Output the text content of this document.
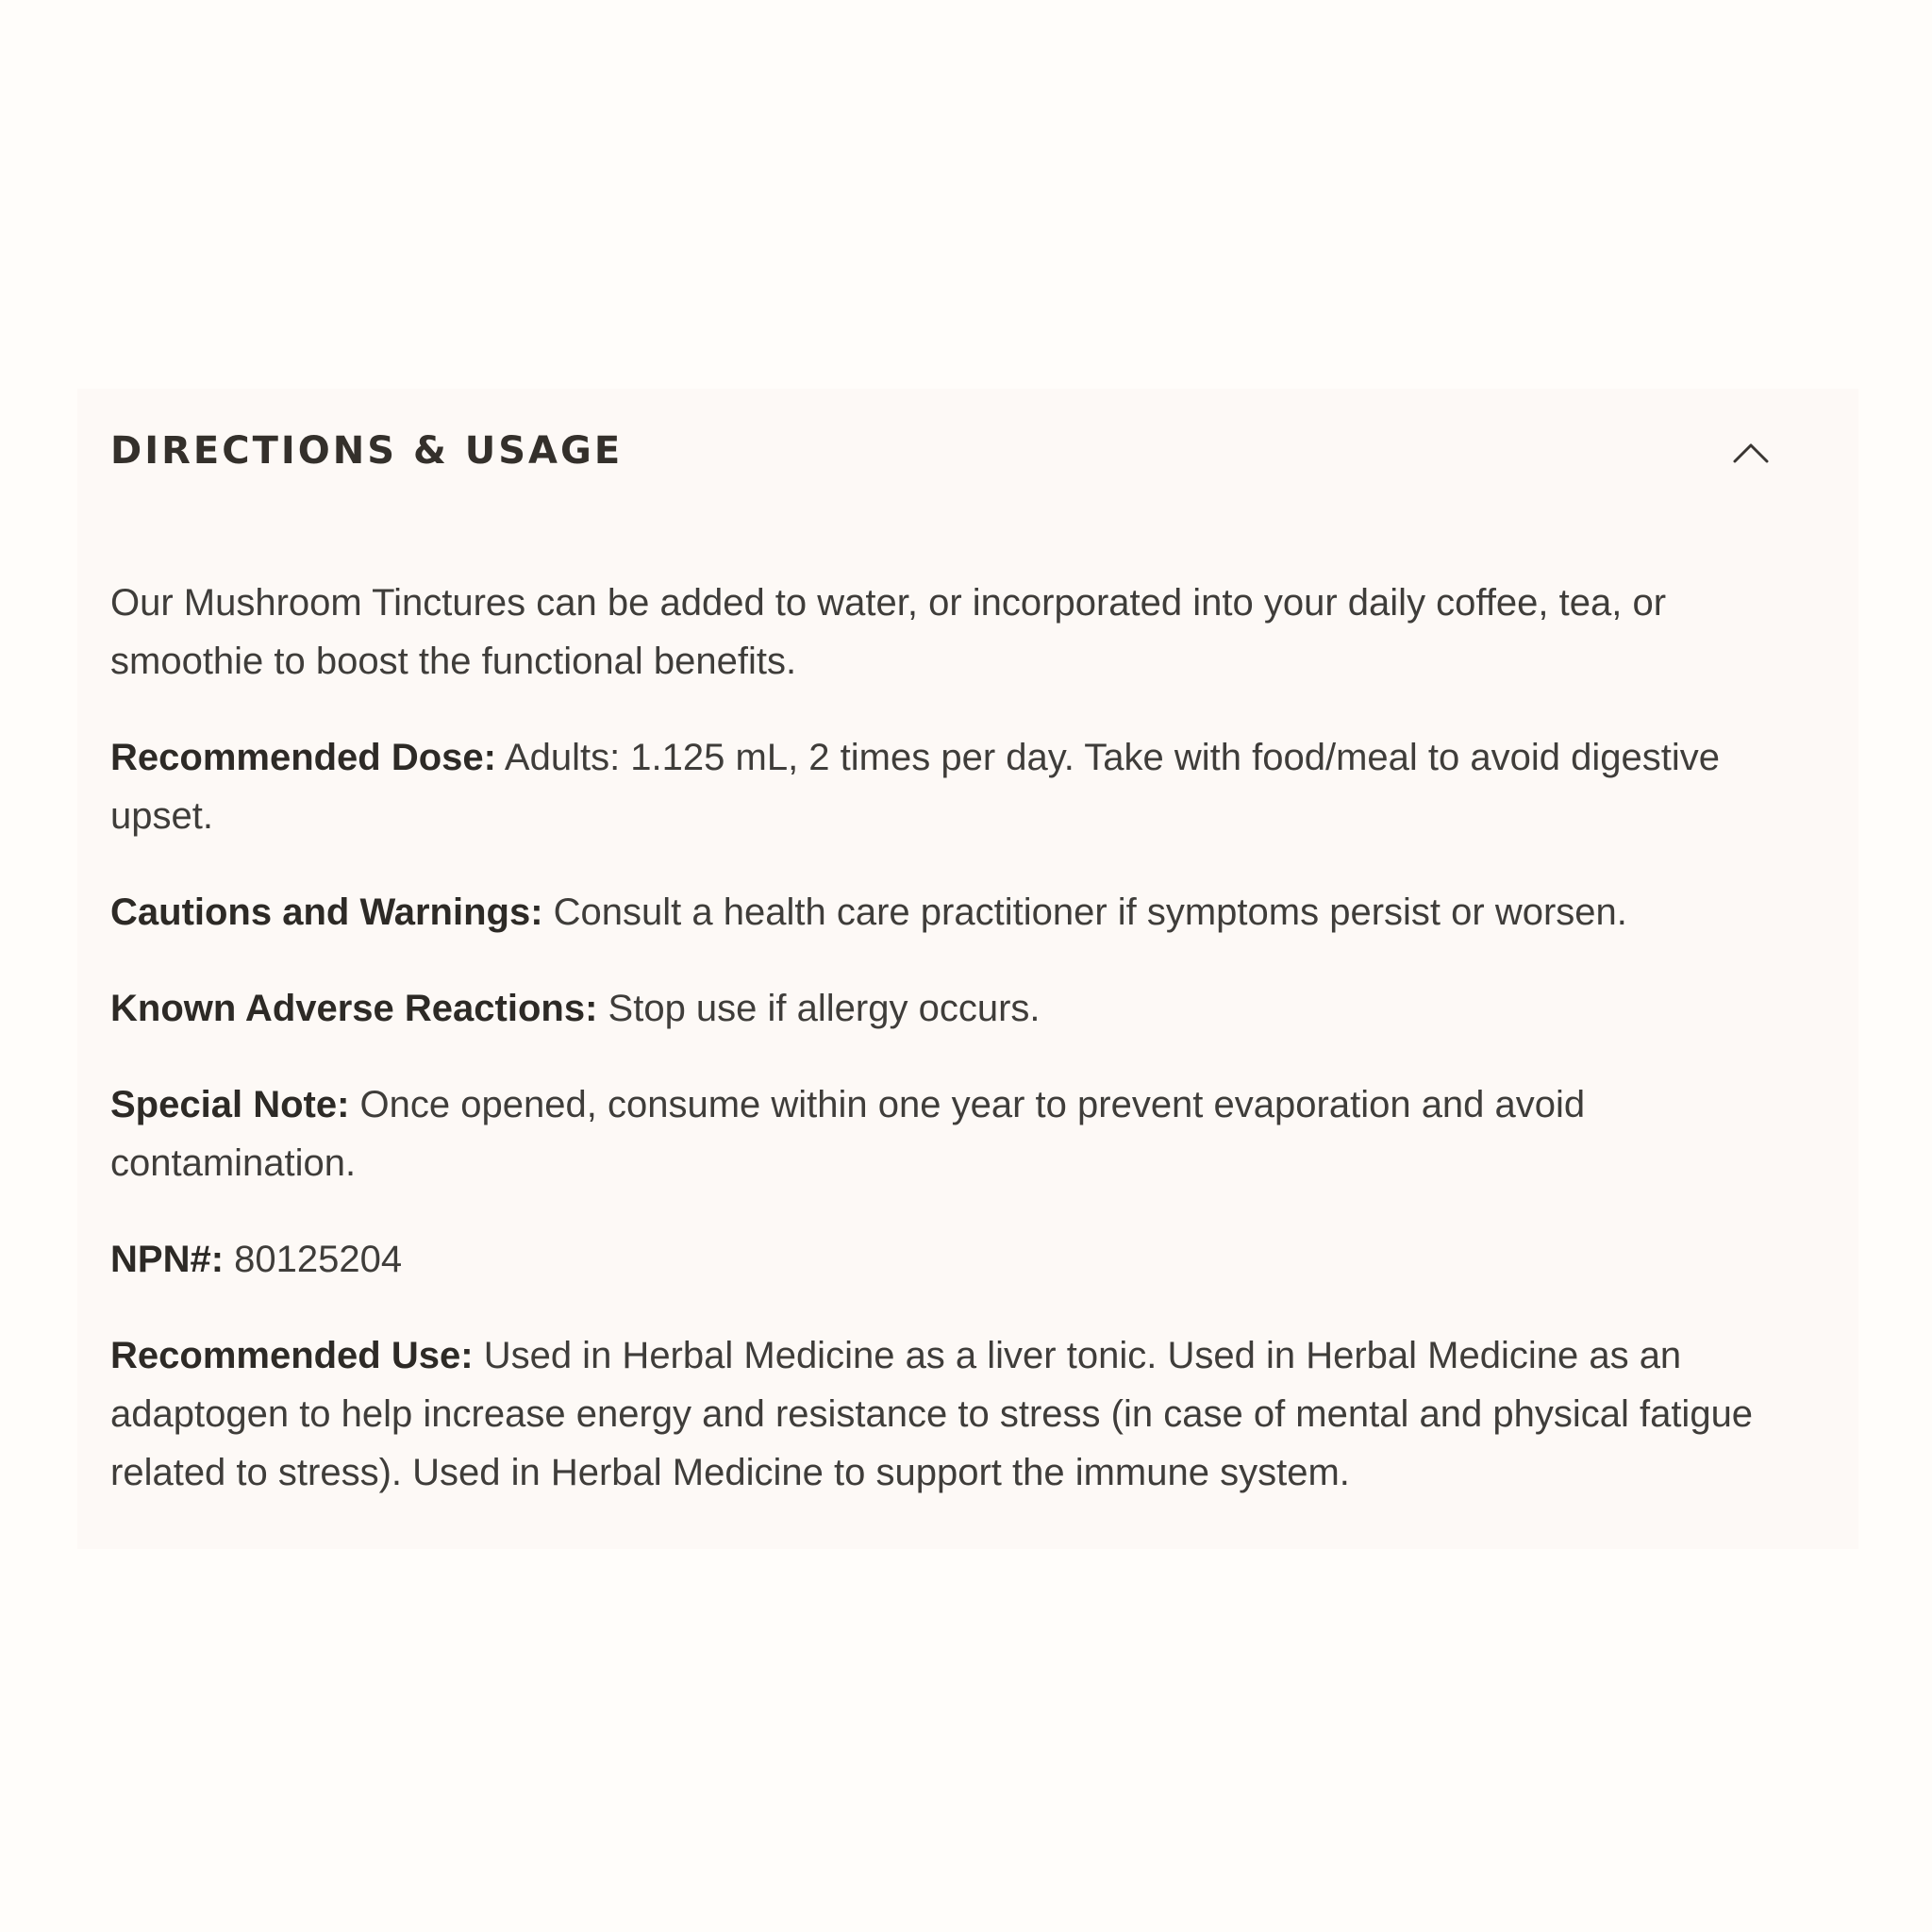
DIRECTIONS & USAGE

Our Mushroom Tinctures can be added to water, or incorporated into your daily coffee, tea, or smoothie to boost the functional benefits.

Recommended Dose: Adults: 1.125 mL, 2 times per day. Take with food/meal to avoid digestive upset.

Cautions and Warnings: Consult a health care practitioner if symptoms persist or worsen.

Known Adverse Reactions: Stop use if allergy occurs.

Special Note: Once opened, consume within one year to prevent evaporation and avoid contamination.

NPN#: 80125204

Recommended Use: Used in Herbal Medicine as a liver tonic. Used in Herbal Medicine as an adaptogen to help increase energy and resistance to stress (in case of mental and physical fatigue related to stress). Used in Herbal Medicine to support the immune system.
